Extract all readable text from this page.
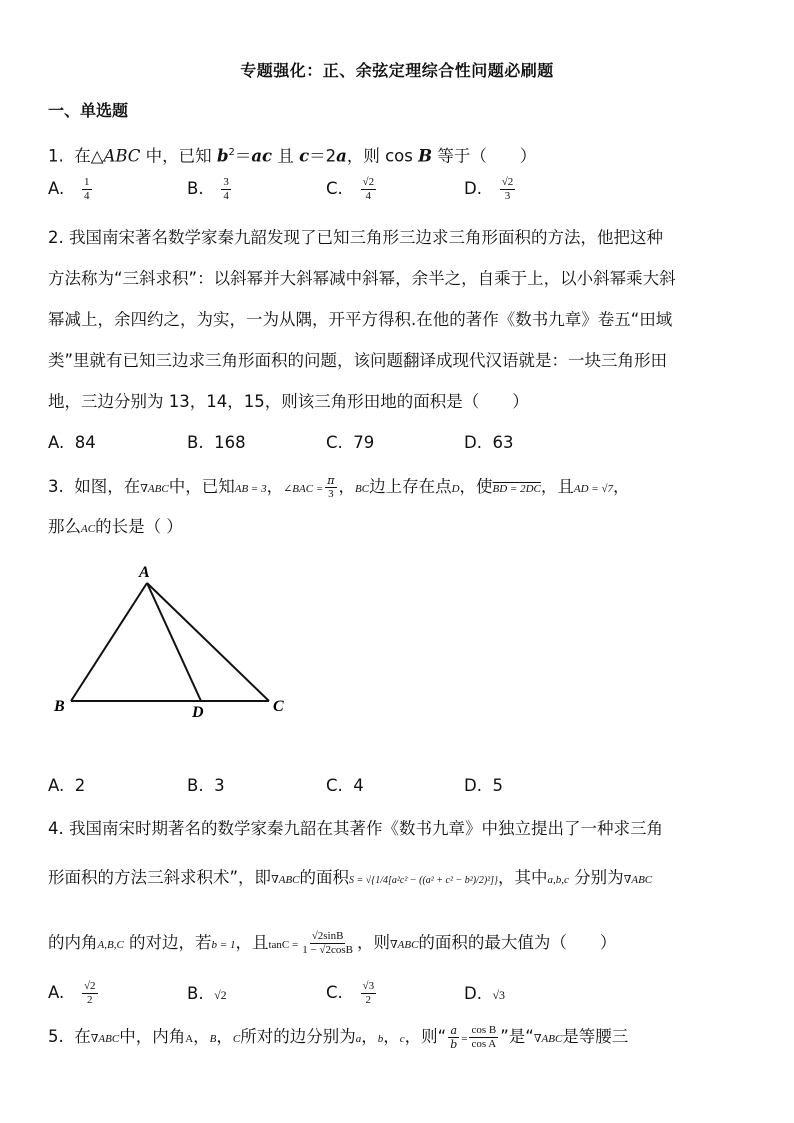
专题强化：正、余弦定理综合性问题必刷题
一、单选题
1. 在△ABC 中，已知 $b^2=ac$ 且 c＝2a，则 cos B 等于（　　）
A. $\frac{1}{4}$	B. $\frac{3}{4}$	C. $\frac{√2}{4}$	D. $\frac{√2}{3}$
2. 我国南宋著名数学家秦九韶发现了已知三角形三边求三角形面积的方法，他把这种
方法称为“三斜求积”：以斜幂并大斜幂减中斜幂，余半之，自乘于上，以小斜幂乘大斜
幂减上，余四约之，为实，一为从隅，开平方得积.在他的著作《数书九章》卷五“田域
类”里就有已知三边求三角形面积的问题，该问题翻译成现代汉语就是：一块三角形田
地，三边分别为 13，14，15，则该三角形田地的面积是（　　）
A. 84	B. 168	C. 79	D. 63
3. 如图，在∇ABC中，已知AB = 3，∠BAC = $\frac{\pi}{3}$ ，BC边上存在点D，使BD = 2DC，且AD = √7，
那么AC的长是（ ）
A
B	D	C
A. 2	B. 3	C. 4	D. 5
4. 我国南宋时期著名的数学家秦九韶在其著作《数书九章》中独立提出了一种求三角
形面积的方法三斜求积术”，即∇ABC的面积S = √{1/4[a²c² − ((a² + c² − b²)/2)²]}，其中a,b,c 分别为∇ABC
的内角A,B,C 的对边，若b = 1，且$\tan C = \frac{√2\sin B}{1 - √2\cos B}$ ，则∇ABC的面积的最大值为（　　）
A. $\frac{√2}{2}$	B. √2	C. $\frac{√3}{2}$	D. √3
5. 在∇ABC中，内角A，B，C所对的边分别为a，b，c，则“ $\frac{a}{b} = \frac{\text{cos B}}{\text{cos A}}$ ”是“∇ABC是等腰三
